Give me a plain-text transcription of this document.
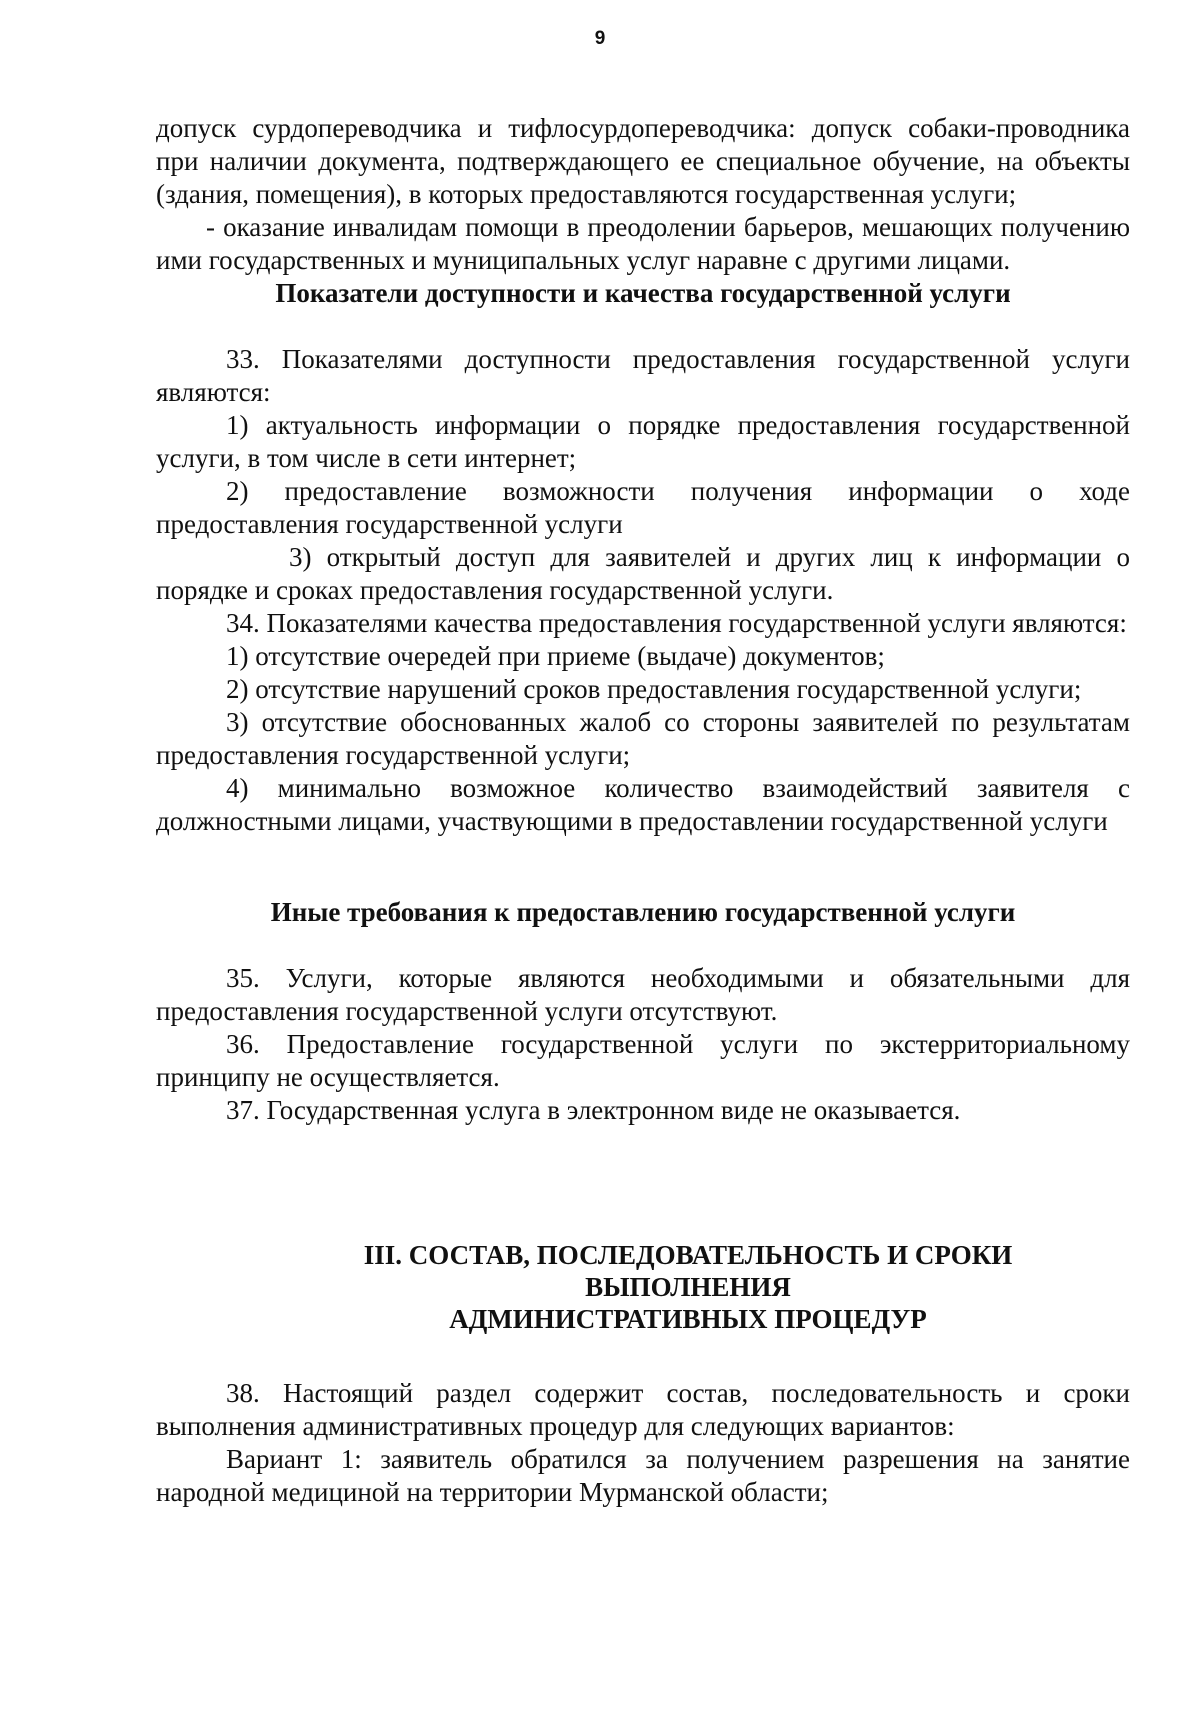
9

допуск сурдопереводчика и тифлосурдопереводчика: допуск собаки-проводника при наличии документа, подтверждающего ее специальное обучение, на объекты (здания, помещения), в которых предоставляются государственная услуги;

- оказание инвалидам помощи в преодолении барьеров, мешающих получению ими государственных и муниципальных услуг наравне с другими лицами.

Показатели доступности и качества государственной услуги

33. Показателями доступности предоставления государственной услуги являются:

1) актуальность информации о порядке предоставления государственной услуги, в том числе в сети интернет;

2) предоставление возможности получения информации о ходе предоставления государственной услуги

3) открытый доступ для заявителей и других лиц к информации о порядке и сроках предоставления государственной услуги.

34. Показателями качества предоставления государственной услуги являются:

1) отсутствие очередей при приеме (выдаче) документов;

2) отсутствие нарушений сроков предоставления государственной услуги;

3) отсутствие обоснованных жалоб со стороны заявителей по результатам предоставления государственной услуги;

4) минимально возможное количество взаимодействий заявителя с должностными лицами, участвующими в предоставлении государственной услуги

Иные требования к предоставлению государственной услуги

35. Услуги, которые являются необходимыми и обязательными для предоставления государственной услуги отсутствуют.

36. Предоставление государственной услуги по экстерриториальному принципу не осуществляется.

37. Государственная услуга в электронном виде не оказывается.

III. СОСТАВ, ПОСЛЕДОВАТЕЛЬНОСТЬ И СРОКИ
ВЫПОЛНЕНИЯ
АДМИНИСТРАТИВНЫХ ПРОЦЕДУР

38. Настоящий раздел содержит состав, последовательность и сроки выполнения административных процедур для следующих вариантов:

Вариант 1: заявитель обратился за получением разрешения на занятие народной медициной на территории Мурманской области;
